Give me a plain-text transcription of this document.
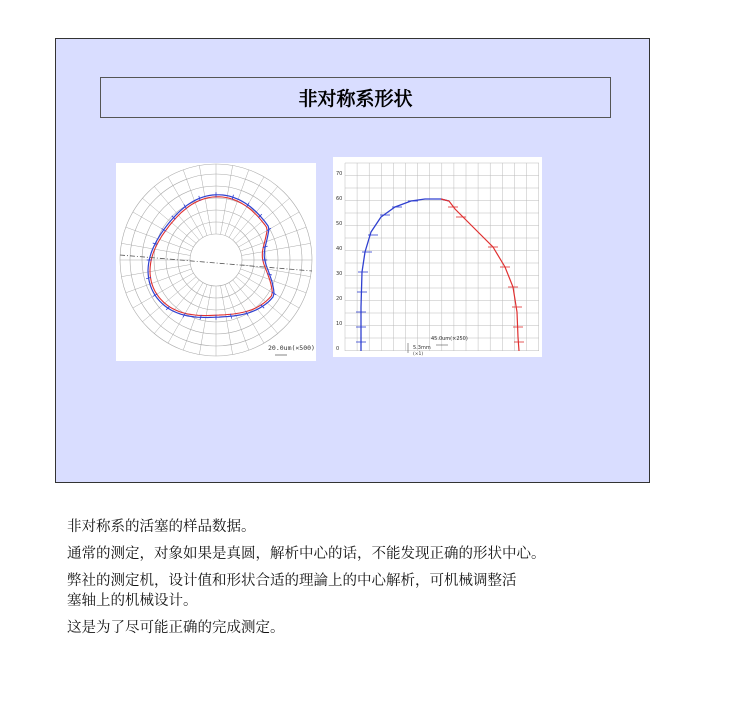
非对称系形状
20.0um(×500)
70
60
50
40
30
20
10
0	5.3mm
(×1)
45.0um(×250)

非对称系的活塞的样品数据。

通常的测定，对象如果是真圆，解析中心的话，不能发现正确的形状中心。

弊社的测定机，设计值和形状合适的理論上的中心解析，可机械调整活

塞轴上的机械设计。

这是为了尽可能正确的完成测定。
